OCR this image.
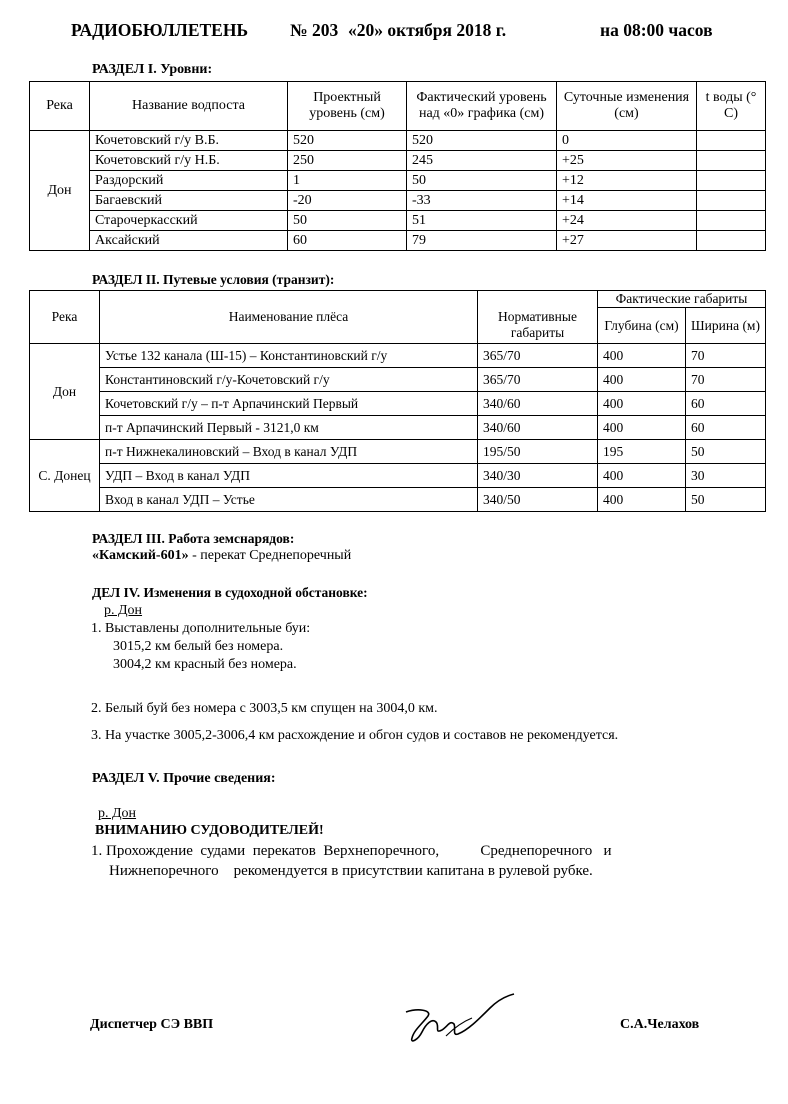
РАДИОБЮЛЛЕТЕНЬ № 203 «20» октября 2018 г.	на 08:00 часов
РАЗДЕЛ I. Уровни:
Река	Название водпоста	Проектный уровень (см)	Фактический уровень над «0» графика (см)	Суточные изменения (см)	t воды (° С)
Дон	Кочетовский г/у В.Б.	520	520	0	
	Кочетовский г/у Н.Б.	250	245	+25	
	Раздорский	1	50	+12	
	Багаевский	-20	-33	+14	
	Старочеркасский	50	51	+24	
	Аксайский	60	79	+27	
РАЗДЕЛ II. Путевые условия (транзит):
Река	Наименование плёса	Нормативные габариты	Фактические габариты	
			Глубина (см)	Ширина (м)
Дон	Устье 132 канала (Ш-15) – Константиновский г/у	365/70	400	70
	Константиновский г/у-Кочетовский г/у	365/70	400	70
	Кочетовский г/у – п-т Арпачинский Первый	340/60	400	60
	п-т Арпачинский Первый - 3121,0 км	340/60	400	60
С. Донец	п-т Нижнекалиновский – Вход в канал УДП	195/50	195	50
	УДП – Вход в канал УДП	340/30	400	30
	Вход в канал УДП – Устье	340/50	400	50
РАЗДЕЛ III. Работа земснарядов:
«Камский-601» - перекат Среднепоречный
ДЕЛ IV. Изменения в судоходной обстановке:
р. Дон
1. Выставлены дополнительные буи:
3015,2 км белый без номера.
3004,2 км красный без номера.
2. Белый буй без номера с 3003,5 км спущен на 3004,0 км.
3. На участке 3005,2-3006,4 км расхождение и обгон судов и составов не рекомендуется.
РАЗДЕЛ V. Прочие сведения:
р. Дон
ВНИМАНИЮ СУДОВОДИТЕЛЕЙ!
1. Прохождение  судами  перекатов  Верхнепоречного,           Среднепоречного   и
Нижнепоречного    рекомендуется в присутствии капитана в рулевой рубке.
Диспетчер СЭ ВВП	С.А.Челахов
